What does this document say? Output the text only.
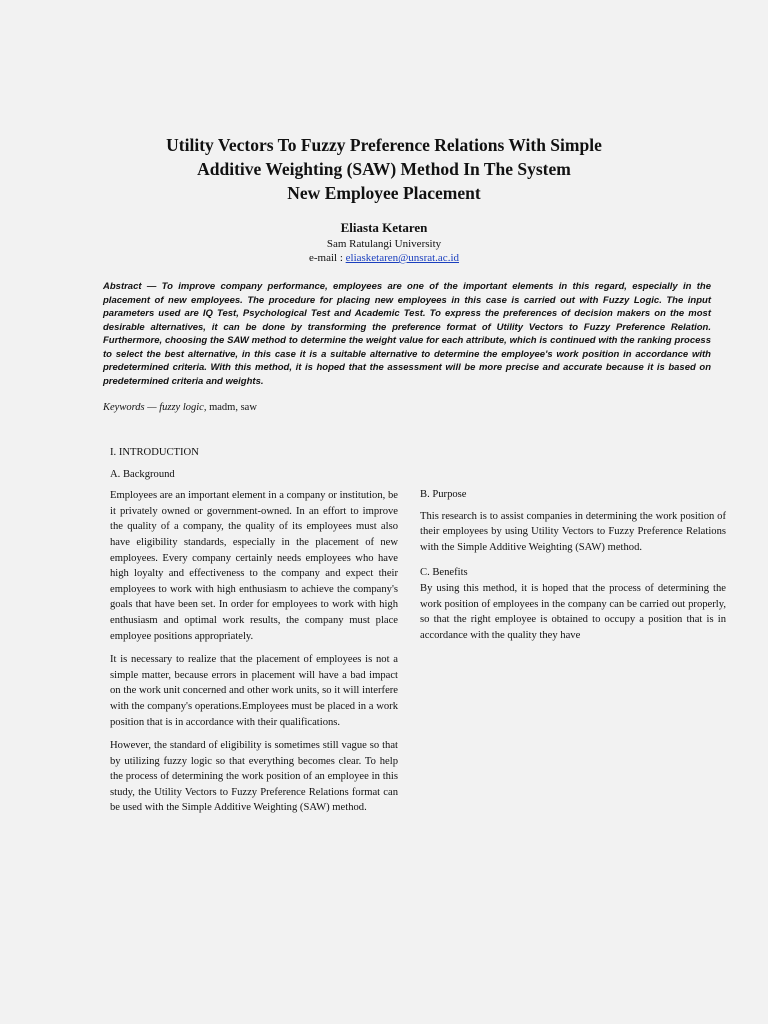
Utility Vectors To Fuzzy Preference Relations With Simple
Additive Weighting (SAW) Method In The System
New Employee Placement
Eliasta Ketaren
Sam Ratulangi University
e-mail : eliasketaren@unsrat.ac.id
Abstract — To improve company performance, employees are one of the important elements in this regard, especially in the placement of new employees. The procedure for placing new employees in this case is carried out with Fuzzy Logic. The input parameters used are IQ Test, Psychological Test and Academic Test. To express the preferences of decision makers on the most desirable alternatives, it can be done by transforming the preference format of Utility Vectors to Fuzzy Preference Relation. Furthermore, choosing the SAW method to determine the weight value for each attribute, which is continued with the ranking process to select the best alternative, in this case it is a suitable alternative to determine the employee's work position in accordance with predetermined criteria. With this method, it is hoped that the assessment will be more precise and accurate because it is based on predetermined criteria and weights.
Keywords — fuzzy logic, madm, saw
I. INTRODUCTION
A. Background

Employees are an important element in a company or institution, be it privately owned or government-owned. In an effort to improve the quality of a company, the quality of its employees must also have eligibility standards, especially in the placement of new employees. Every company certainly needs employees who have high loyalty and effectiveness to the company and expect their employees to work with high enthusiasm to achieve the company's goals that have been set. In order for employees to work with high enthusiasm and optimal work results, the company must place employee positions appropriately.

It is necessary to realize that the placement of employees is not a simple matter, because errors in placement will have a bad impact on the work unit concerned and other work units, so it will interfere with the company's operations.Employees must be placed in a work position that is in accordance with their qualifications.

However, the standard of eligibility is sometimes still vague so that by utilizing fuzzy logic so that everything becomes clear. To help the process of determining the work position of an employee in this study, the Utility Vectors to Fuzzy Preference Relations format can be used with the Simple Additive Weighting (SAW) method.

B. Purpose

This research is to assist companies in determining the work position of their employees by using Utility Vectors to Fuzzy Preference Relations with the Simple Additive Weighting (SAW) method.

C. Benefits

By using this method, it is hoped that the process of determining the work position of employees in the company can be carried out properly, so that the right employee is obtained to occupy a position that is in accordance with the quality they have
